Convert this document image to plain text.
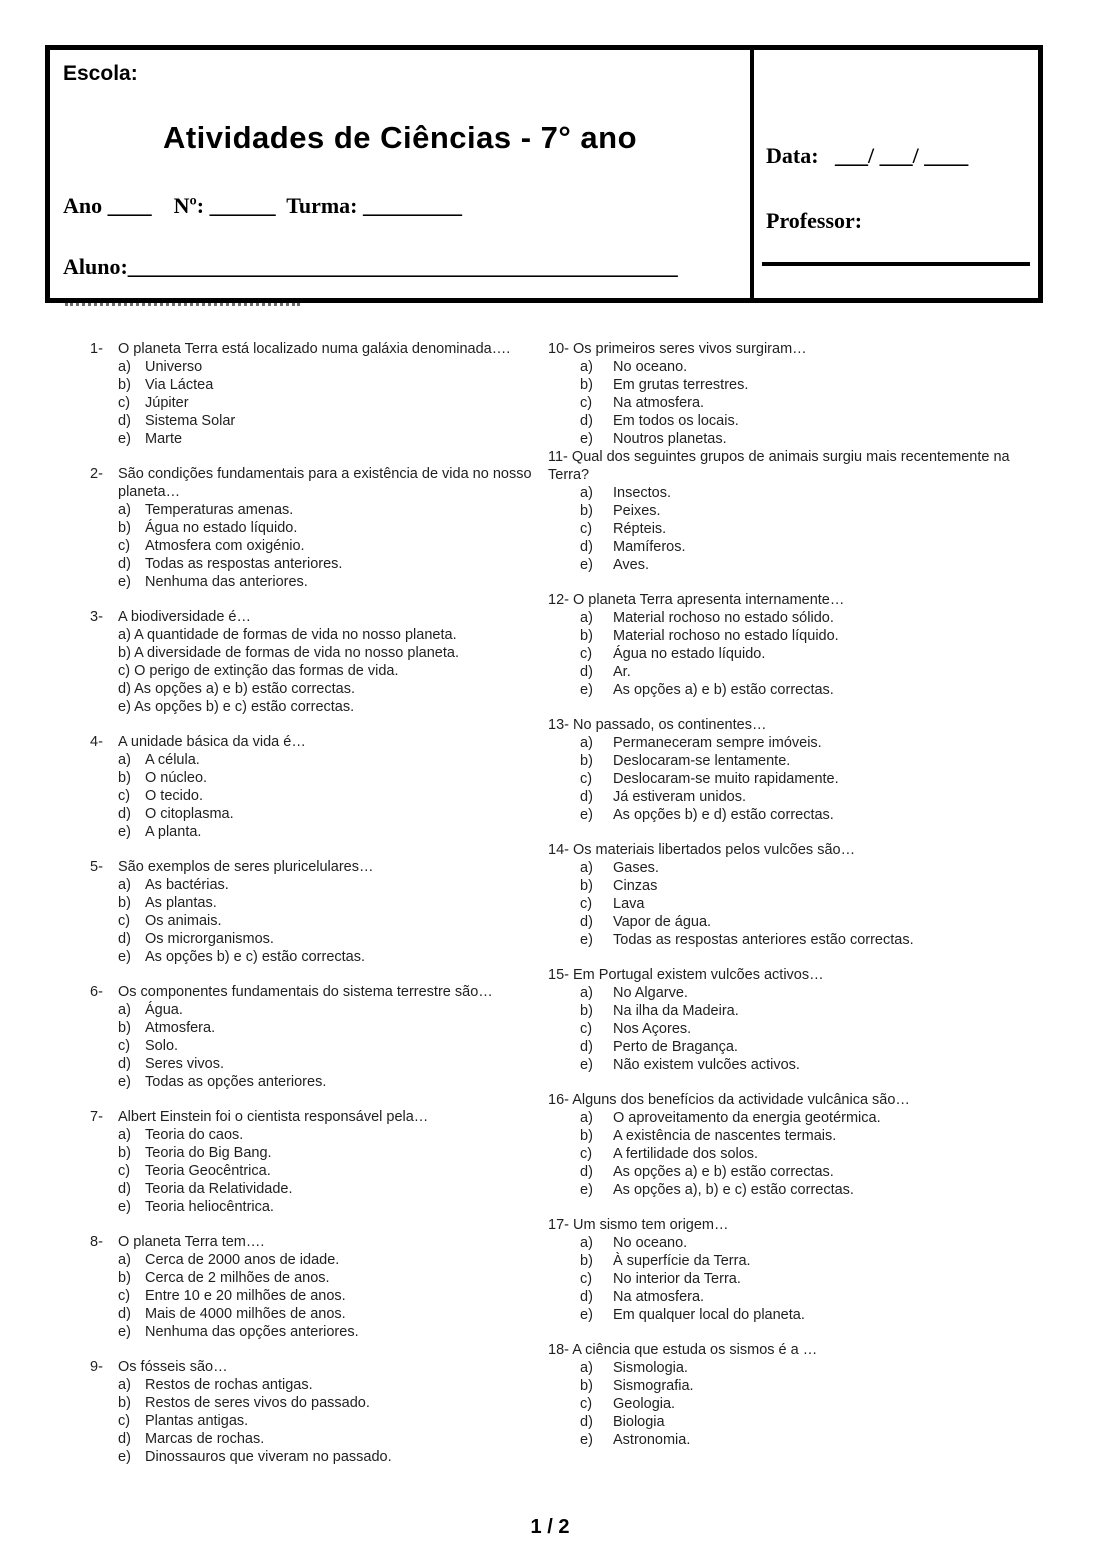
Escola:
Atividades de Ciências - 7° ano
Ano ____    Nº: ______  Turma: _________
Aluno:__________________________________________________
Data:   ___/ ___/ ____
Professor:
1-	O planeta Terra está localizado numa galáxia denominada….
a) Universo
b) Via Láctea
c)	Júpiter
d) Sistema Solar
e) Marte
2-	São condições fundamentais para a existência de vida no nosso planeta…
a) Temperaturas amenas.
b) Água no estado líquido.
c)	Atmosfera com oxigénio.
d) Todas as respostas anteriores.
e) Nenhuma das anteriores.
3-	A biodiversidade é…
a) A quantidade de formas de vida no nosso planeta.
b) A diversidade de formas de vida no nosso planeta.
c) O perigo de extinção das formas de vida.
d) As opções a) e b) estão correctas.
e) As opções b) e c) estão correctas.
4-	A unidade básica da vida é…
a) A célula.
b) O núcleo.
c)	O tecido.
d) O citoplasma.
e) A planta.
5-	São exemplos de seres pluricelulares…
a) As bactérias.
b) As plantas.
c)	Os animais.
d) Os microrganismos.
e) As opções b) e c) estão correctas.
6-	Os componentes fundamentais do sistema terrestre são…
a) Água.
b) Atmosfera.
c)	Solo.
d) Seres vivos.
e) Todas as opções anteriores.
7-	Albert Einstein foi o cientista responsável pela…
a) Teoria do caos.
b) Teoria do Big Bang.
c)	Teoria Geocêntrica.
d) Teoria da Relatividade.
e) Teoria heliocêntrica.
8-	O planeta Terra tem….
a) Cerca de 2000 anos de idade.
b) Cerca de 2 milhões de anos.
c)	Entre 10 e 20 milhões de anos.
d) Mais de 4000 milhões de anos.
e) Nenhuma das opções anteriores.
9-	Os fósseis são…
a) Restos de rochas antigas.
b) Restos de seres vivos do passado.
c)	Plantas antigas.
d) Marcas de rochas.
e) Dinossauros que viveram no passado.
10- Os primeiros seres vivos surgiram…
a)	No oceano.
b)	Em grutas terrestres.
c)	Na atmosfera.
d)	Em todos os locais.
e)	Noutros planetas.
11- Qual dos seguintes grupos de animais surgiu mais recentemente na Terra?
a)	Insectos.
b)	Peixes.
c)	Répteis.
d)	Mamíferos.
e)	Aves.
12- O planeta Terra apresenta internamente…
a)	Material rochoso no estado sólido.
b)	Material rochoso no estado líquido.
c)	Água no estado líquido.
d)	Ar.
e)	As opções a) e b) estão correctas.
13- No passado, os continentes…
a)	Permaneceram sempre imóveis.
b)	Deslocaram-se lentamente.
c)	Deslocaram-se muito rapidamente.
d)	Já estiveram unidos.
e)	As opções b) e d) estão correctas.
14- Os materiais libertados pelos vulcões são…
a)	Gases.
b)	Cinzas
c)	Lava
d)	Vapor de água.
e)	Todas as respostas anteriores estão correctas.
15- Em Portugal existem vulcões activos…
a)	No Algarve.
b)	Na ilha da Madeira.
c)	Nos Açores.
d)	Perto de Bragança.
e)	Não existem vulcões activos.
16- Alguns dos benefícios da actividade vulcânica são…
a)	O aproveitamento da energia geotérmica.
b)	A existência de nascentes termais.
c)	A fertilidade dos solos.
d)	As opções a) e b) estão correctas.
e)	As opções a), b) e c) estão correctas.
17- Um sismo tem origem…
a)	No oceano.
b)	À superfície da Terra.
c)	No interior da Terra.
d)	Na atmosfera.
e)	Em qualquer local do planeta.
18- A ciência que estuda os sismos é a …
a)	Sismologia.
b)	Sismografia.
c)	Geologia.
d)	Biologia
e)	Astronomia.
1 / 2
